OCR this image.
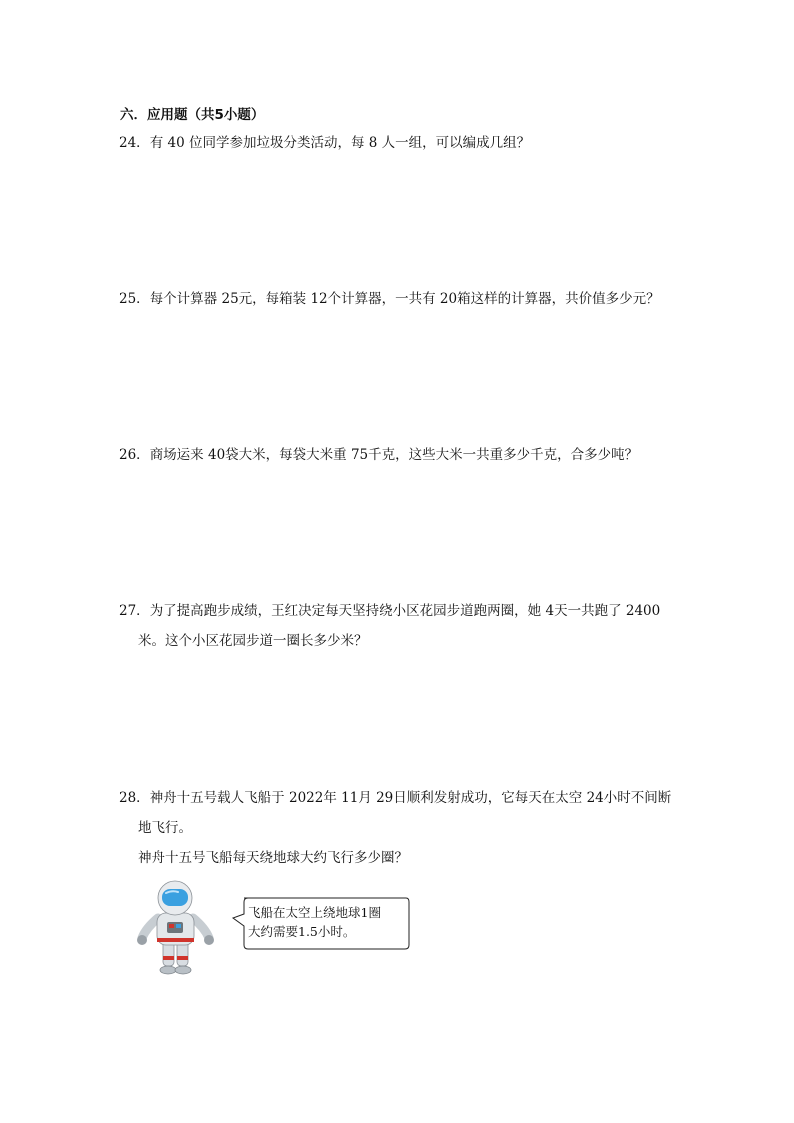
六．应用题（共5小题）
24．有 40 位同学参加垃圾分类活动，每 8 人一组，可以编成几组？
25．每个计算器 25元，每箱装 12个计算器，一共有 20箱这样的计算器，共价值多少元？
26．商场运来 40袋大米，每袋大米重 75千克，这些大米一共重多少千克，合多少吨？
27．为了提高跑步成绩，王红决定每天坚持绕小区花园步道跑两圈，她 4天一共跑了 2400
米。这个小区花园步道一圈长多少米？
28．神舟十五号载人飞船于 2022年 11月 29日顺利发射成功，它每天在太空 24小时不间断
地飞行。
神舟十五号飞船每天绕地球大约飞行多少圈？
飞船在太空上绕地球1圈
大约需要1.5小时。
